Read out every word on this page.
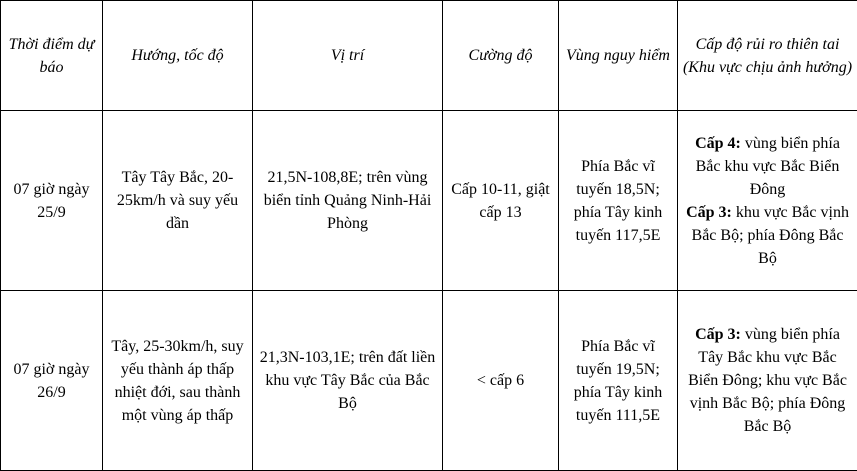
Thời điểm dự báo	Hướng, tốc độ	Vị trí	Cường độ	Vùng nguy hiểm	Cấp độ rủi ro thiên tai (Khu vực chịu ảnh hưởng)
07 giờ ngày 25/9	Tây Tây Bắc, 20-25km/h và suy yếu dần	21,5N-108,8E; trên vùng biển tỉnh Quảng Ninh-Hải Phòng	Cấp 10-11, giật cấp 13	Phía Bắc vĩ tuyến 18,5N; phía Tây kinh tuyến 117,5E	Cấp 4: vùng biển phía Bắc khu vực Bắc Biển Đông
Cấp 3: khu vực Bắc vịnh Bắc Bộ; phía Đông Bắc Bộ

07 giờ ngày 26/9	Tây, 25-30km/h, suy yếu thành áp thấp nhiệt đới, sau thành một vùng áp thấp	21,3N-103,1E; trên đất liền khu vực Tây Bắc của Bắc Bộ	< cấp 6	Phía Bắc vĩ tuyến 19,5N; phía Tây kinh tuyến 111,5E	Cấp 3: vùng biển phía Tây Bắc khu vực Bắc Biển Đông; khu vực Bắc vịnh Bắc Bộ; phía Đông Bắc Bộ
